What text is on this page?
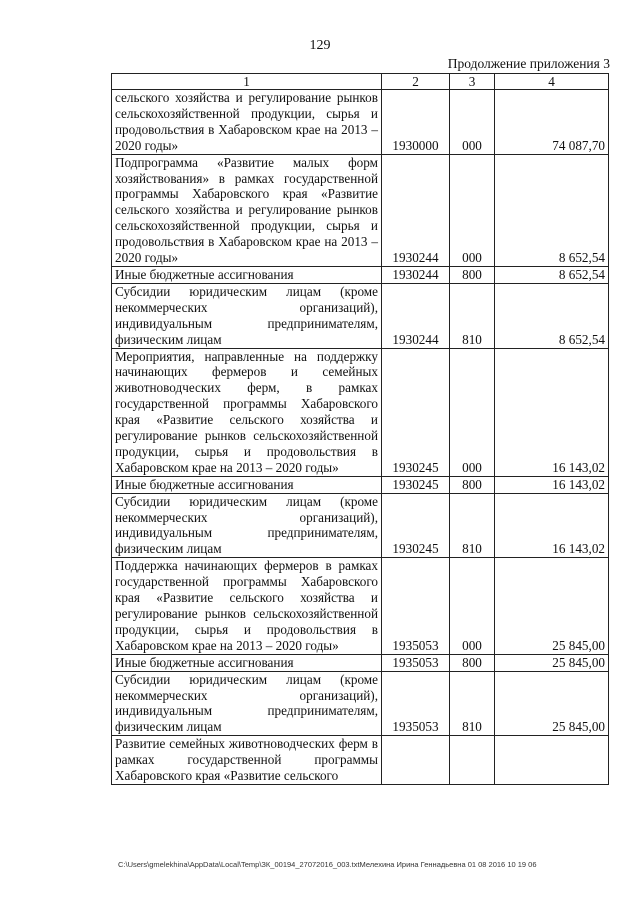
129
Продолжение приложения 3
1	2	3	4
сельского хозяйства и регулирование рынков сельскохозяйственной продукции, сырья и продовольствия в Хабаровском крае на 2013 – 2020 годы»	1930000	000	74 087,70
Подпрограмма «Развитие малых форм хозяйствования» в рамках государственной программы Хабаровского края «Развитие сельского хозяйства и регулирование рынков сельскохозяйственной продукции, сырья и продовольствия в Хабаровском крае на 2013 – 2020 годы»	1930244	000	8 652,54
Иные бюджетные ассигнования	1930244	800	8 652,54
Субсидии юридическим лицам (кроме некоммерческих организаций), индивидуальным предпринимателям, физическим лицам	1930244	810	8 652,54
Мероприятия, направленные на поддержку начинающих фермеров и семейных животноводческих ферм, в рамках государственной программы Хабаровского края «Развитие сельского хозяйства и регулирование рынков сельскохозяйственной продукции, сырья и продовольствия в Хабаровском крае на 2013 – 2020 годы»	1930245	000	16 143,02
Иные бюджетные ассигнования	1930245	800	16 143,02
Субсидии юридическим лицам (кроме некоммерческих организаций), индивидуальным предпринимателям, физическим лицам	1930245	810	16 143,02
Поддержка начинающих фермеров в рамках государственной программы Хабаровского края «Развитие сельского хозяйства и регулирование рынков сельскохозяйственной продукции, сырья и продовольствия в Хабаровском крае на 2013 – 2020 годы»	1935053	000	25 845,00
Иные бюджетные ассигнования	1935053	800	25 845,00
Субсидии юридическим лицам (кроме некоммерческих организаций), индивидуальным предпринимателям, физическим лицам	1935053	810	25 845,00
Развитие семейных животноводческих ферм в рамках государственной программы Хабаровского края «Развитие сельского			
C:\Users\gmelekhina\AppData\Local\Temp\ЗК_00194_27072016_003.txtМелехина Ирина Геннадьевна 01 08 2016 10 19 06
